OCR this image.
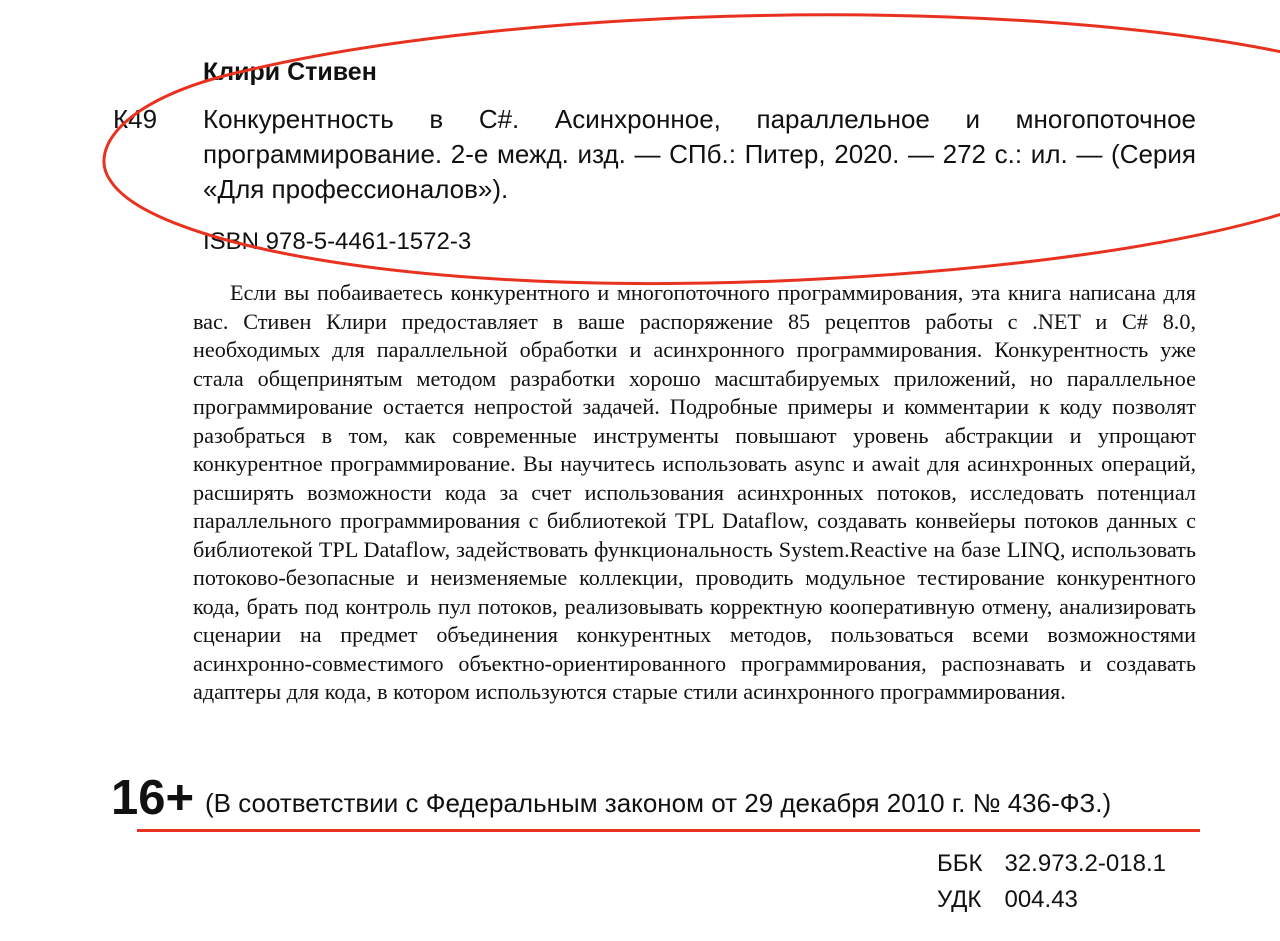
Клири Стивен
К49 Конкурентность в C#. Асинхронное, параллельное и многопоточное программирование. 2-е межд. изд. — СПб.: Питер, 2020. — 272 с.: ил. — (Серия «Для профессионалов»).
ISBN 978-5-4461-1572-3

Если вы побаиваетесь конкурентного и многопоточного программирования, эта книга написана для вас. Стивен Клири предоставляет в ваше распоряжение 85 рецептов работы с .NET и C# 8.0, необходимых для параллельной обработки и асинхронного программирования. Конкурентность уже стала общепринятым методом разработки хорошо масштабируемых приложений, но параллельное программирование остается непростой задачей. Подробные примеры и комментарии к коду позволят разобраться в том, как современные инструменты повышают уровень абстракции и упрощают конкурентное программирование. Вы научитесь использовать async и await для асинхронных операций, расширять возможности кода за счет использования асинхронных потоков, исследовать потенциал параллельного программирования с библиотекой TPL Dataflow, создавать конвейеры потоков данных с библиотекой TPL Dataflow, задействовать функциональность System.Reactive на базе LINQ, использовать потоково-безопасные и неизменяемые коллекции, проводить модульное тестирование конкурентного кода, брать под контроль пул потоков, реализовывать корректную кооперативную отмену, анализировать сценарии на предмет объединения конкурентных методов, пользоваться всеми возможностями асинхронно-совместимого объектно-ориентированного программирования, распознавать и создавать адаптеры для кода, в котором используются старые стили асинхронного программирования.

16+ (В соответствии с Федеральным законом от 29 декабря 2010 г. № 436-ФЗ.)
ББК	32.973.2-018.1
УДК	004.43
